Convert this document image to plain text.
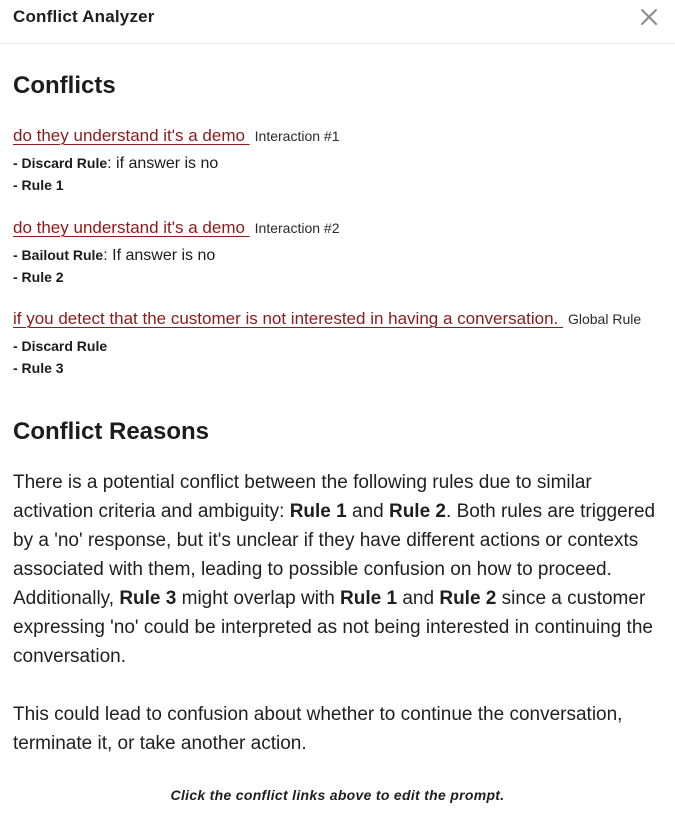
Conflict Analyzer
Conflicts
do they understand it's a demo Interaction #1
- Discard Rule: if answer is no
- Rule 1
do they understand it's a demo Interaction #2
- Bailout Rule: If answer is no
- Rule 2
if you detect that the customer is not interested in having a conversation. Global Rule
- Discard Rule
- Rule 3
Conflict Reasons

There is a potential conflict between the following rules due to similar activation criteria and ambiguity: Rule 1 and Rule 2. Both rules are triggered by a 'no' response, but it's unclear if they have different actions or contexts associated with them, leading to possible confusion on how to proceed. Additionally, Rule 3 might overlap with Rule 1 and Rule 2 since a customer expressing 'no' could be interpreted as not being interested in continuing the conversation.

This could lead to confusion about whether to continue the conversation, terminate it, or take another action.

Click the conflict links above to edit the prompt.
